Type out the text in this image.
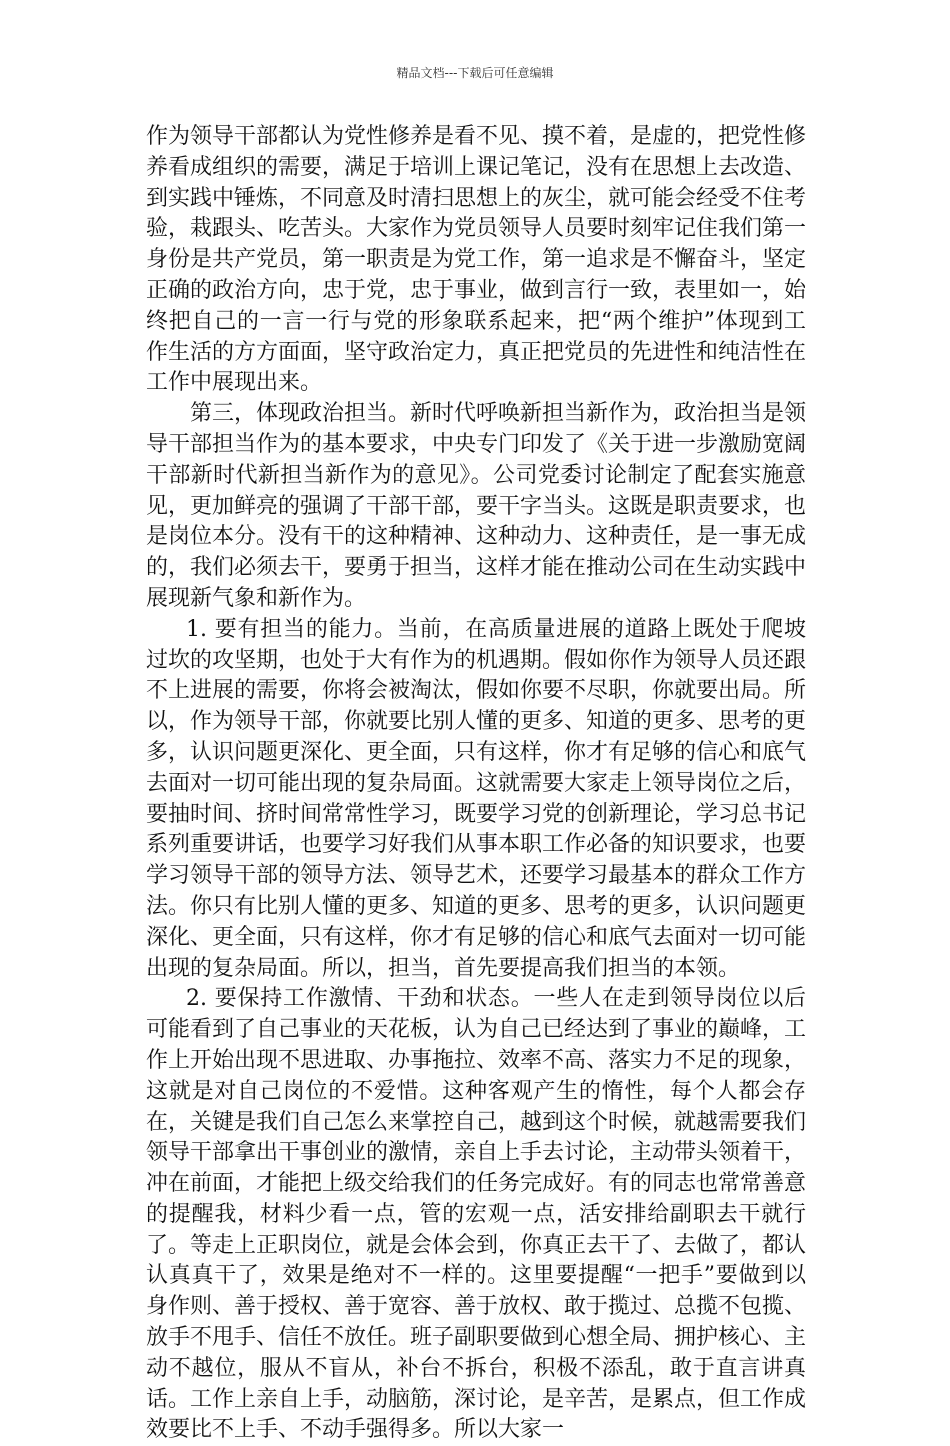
精品文档---下载后可任意编辑

作为领导干部都认为党性修养是看不见、摸不着，是虚的，把党性修养看成组织的需要，满足于培训上课记笔记，没有在思想上去改造、到实践中锤炼，不同意及时清扫思想上的灰尘，就可能会经受不住考验，栽跟头、吃苦头。大家作为党员领导人员要时刻牢记住我们第一身份是共产党员，第一职责是为党工作，第一追求是不懈奋斗，坚定正确的政治方向，忠于党，忠于事业，做到言行一致，表里如一，始终把自己的一言一行与党的形象联系起来，把“两个维护”体现到工作生活的方方面面，坚守政治定力，真正把党员的先进性和纯洁性在工作中展现出来。

第三，体现政治担当。新时代呼唤新担当新作为，政治担当是领导干部担当作为的基本要求，中央专门印发了《关于进一步激励宽阔干部新时代新担当新作为的意见》。公司党委讨论制定了配套实施意见，更加鲜亮的强调了干部干部，要干字当头。这既是职责要求，也是岗位本分。没有干的这种精神、这种动力、这种责任，是一事无成的，我们必须去干，要勇于担当，这样才能在推动公司在生动实践中展现新气象和新作为。

1. 要有担当的能力。当前，在高质量进展的道路上既处于爬坡过坎的攻坚期，也处于大有作为的机遇期。假如你作为领导人员还跟不上进展的需要，你将会被淘汰，假如你要不尽职，你就要出局。所以，作为领导干部，你就要比别人懂的更多、知道的更多、思考的更多，认识问题更深化、更全面，只有这样，你才有足够的信心和底气去面对一切可能出现的复杂局面。这就需要大家走上领导岗位之后，要抽时间、挤时间常常性学习，既要学习党的创新理论，学习总书记系列重要讲话，也要学习好我们从事本职工作必备的知识要求，也要学习领导干部的领导方法、领导艺术，还要学习最基本的群众工作方法。你只有比别人懂的更多、知道的更多、思考的更多，认识问题更深化、更全面，只有这样，你才有足够的信心和底气去面对一切可能出现的复杂局面。所以，担当，首先要提高我们担当的本领。

2. 要保持工作激情、干劲和状态。一些人在走到领导岗位以后可能看到了自己事业的天花板，认为自己已经达到了事业的巅峰，工作上开始出现不思进取、办事拖拉、效率不高、落实力不足的现象，这就是对自己岗位的不爱惜。这种客观产生的惰性，每个人都会存在，关键是我们自己怎么来掌控自己，越到这个时候，就越需要我们领导干部拿出干事创业的激情，亲自上手去讨论，主动带头领着干，冲在前面，才能把上级交给我们的任务完成好。有的同志也常常善意的提醒我，材料少看一点，管的宏观一点，活安排给副职去干就行了。等走上正职岗位，就是会体会到，你真正去干了、去做了，都认认真真干了，效果是绝对不一样的。这里要提醒“一把手”要做到以身作则、善于授权、善于宽容、善于放权、敢于揽过、总揽不包揽、放手不甩手、信任不放任。班子副职要做到心想全局、拥护核心、主动不越位，服从不盲从，补台不拆台，积极不添乱，敢于直言讲真话。工作上亲自上手，动脑筋，深讨论，是辛苦，是累点，但工作成效要比不上手、不动手强得多。所以大家一
